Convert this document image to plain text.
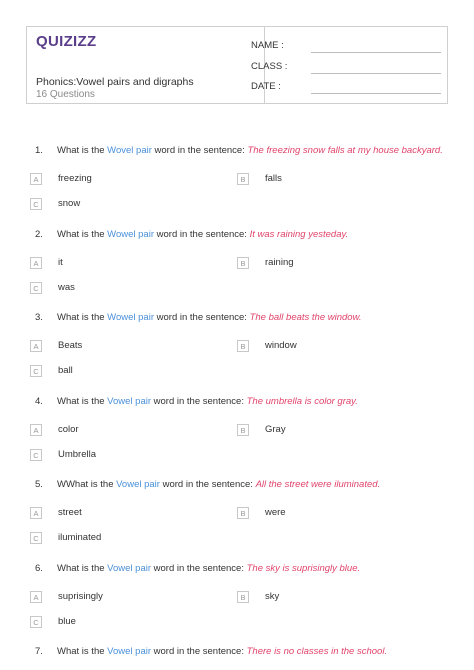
QUIZIZZ
Phonics:Vowel pairs and digraphs
16 Questions
NAME :
CLASS :
DATE :
1. What is the Wovel pair word in the sentence: The freezing snow falls at my house backyard.
A	freezing	B	falls
C	snow
2. What is the Wowel pair word in the sentence: It was raining yesteday.
A	it	B	raining
C	was
3. What is the Wowel pair word in the sentence: The ball beats the window.
A	Beats	B	window
C	ball
4. What is the Vowel pair word in the sentence: The umbrella is color gray.
A	color	B	Gray
C	Umbrella
5. WWhat is the Vowel pair word in the sentence: All the street were iluminated.
A	street	B	were
C	iluminated
6. What is the Vowel pair word in the sentence: The sky is suprisingly blue.
A	suprisingly	B	sky
C	blue
7. What is the Vowel pair word in the sentence: There is no classes in the school.
